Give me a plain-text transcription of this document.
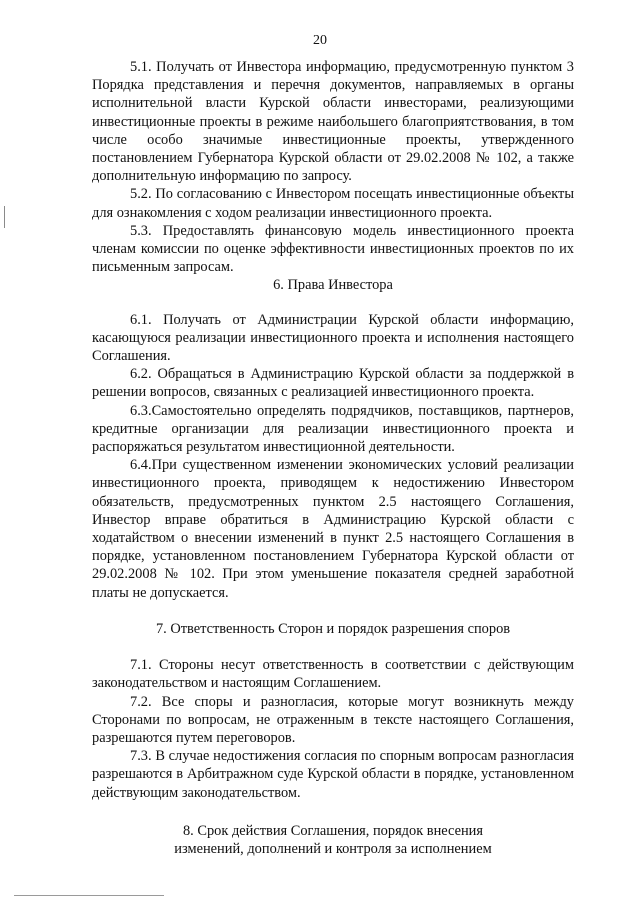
20

5.1. Получать от Инвестора информацию, предусмотренную пунктом 3 Порядка представления и перечня документов, направляемых в органы исполнительной власти Курской области инвесторами, реализующими инвестиционные проекты в режиме наибольшего благоприятствования, в том числе особо значимые инвестиционные проекты, утвержденного постановлением Губернатора Курской области от 29.02.2008 № 102, а также дополнительную информацию по запросу.

5.2. По согласованию с Инвестором посещать инвестиционные объекты для ознакомления с ходом реализации инвестиционного проекта.

5.3. Предоставлять финансовую модель инвестиционного проекта членам комиссии по оценке эффективности инвестиционных проектов по их письменным запросам.

6. Права Инвестора

6.1. Получать от Администрации Курской области информацию, касающуюся реализации инвестиционного проекта и исполнения настоящего Соглашения.

6.2. Обращаться в Администрацию Курской области за поддержкой в решении вопросов, связанных с реализацией инвестиционного проекта.

6.3.Самостоятельно определять подрядчиков, поставщиков, партнеров, кредитные организации для реализации инвестиционного проекта и распоряжаться результатом инвестиционной деятельности.

6.4.При существенном изменении экономических условий реализации инвестиционного проекта, приводящем к недостижению Инвестором обязательств, предусмотренных пунктом 2.5 настоящего Соглашения, Инвестор вправе обратиться в Администрацию Курской области с ходатайством о внесении изменений в пункт 2.5 настоящего Соглашения в порядке, установленном постановлением Губернатора Курской области от 29.02.2008 № 102. При этом уменьшение показателя средней заработной платы не допускается.

7. Ответственность Сторон и порядок разрешения споров

7.1. Стороны несут ответственность в соответствии с действующим законодательством и настоящим Соглашением.

7.2. Все споры и разногласия, которые могут возникнуть между Сторонами по вопросам, не отраженным в тексте настоящего Соглашения, разрешаются путем переговоров.

7.3. В случае недостижения согласия по спорным вопросам разногласия разрешаются в Арбитражном суде Курской области в порядке, установленном действующим законодательством.

8. Срок действия Соглашения, порядок внесения

изменений, дополнений и контроля за исполнением
